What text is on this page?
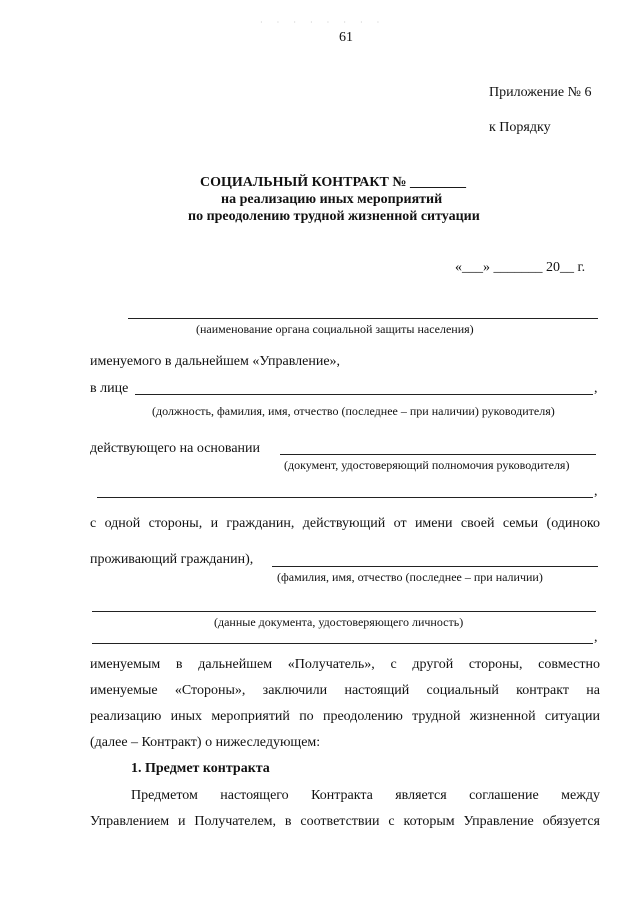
· · · · · · · ·
61
Приложение № 6
к Порядку
СОЦИАЛЬНЫЙ КОНТРАКТ № ________
на реализацию иных мероприятий
по преодолению трудной жизненной ситуации
«___» _______ 20__ г.
(наименование органа социальной защиты населения)
именуемого в дальнейшем «Управление»,
в лице	,
(должность, фамилия, имя, отчество (последнее – при наличии) руководителя)
действующего на основании
(документ, удостоверяющий полномочия руководителя)
,
с одной стороны, и гражданин, действующий от имени своей семьи (одиноко
проживающий гражданин),
(фамилия, имя, отчество (последнее – при наличии)
(данные документа, удостоверяющего личность)
,
именуемым в дальнейшем «Получатель», с другой стороны, совместно
именуемые «Стороны», заключили настоящий социальный контракт на
реализацию иных мероприятий по преодолению трудной жизненной ситуации
(далее – Контракт) о нижеследующем:
1. Предмет контракта
Предметом настоящего Контракта является соглашение между
Управлением и Получателем, в соответствии с которым Управление обязуется
